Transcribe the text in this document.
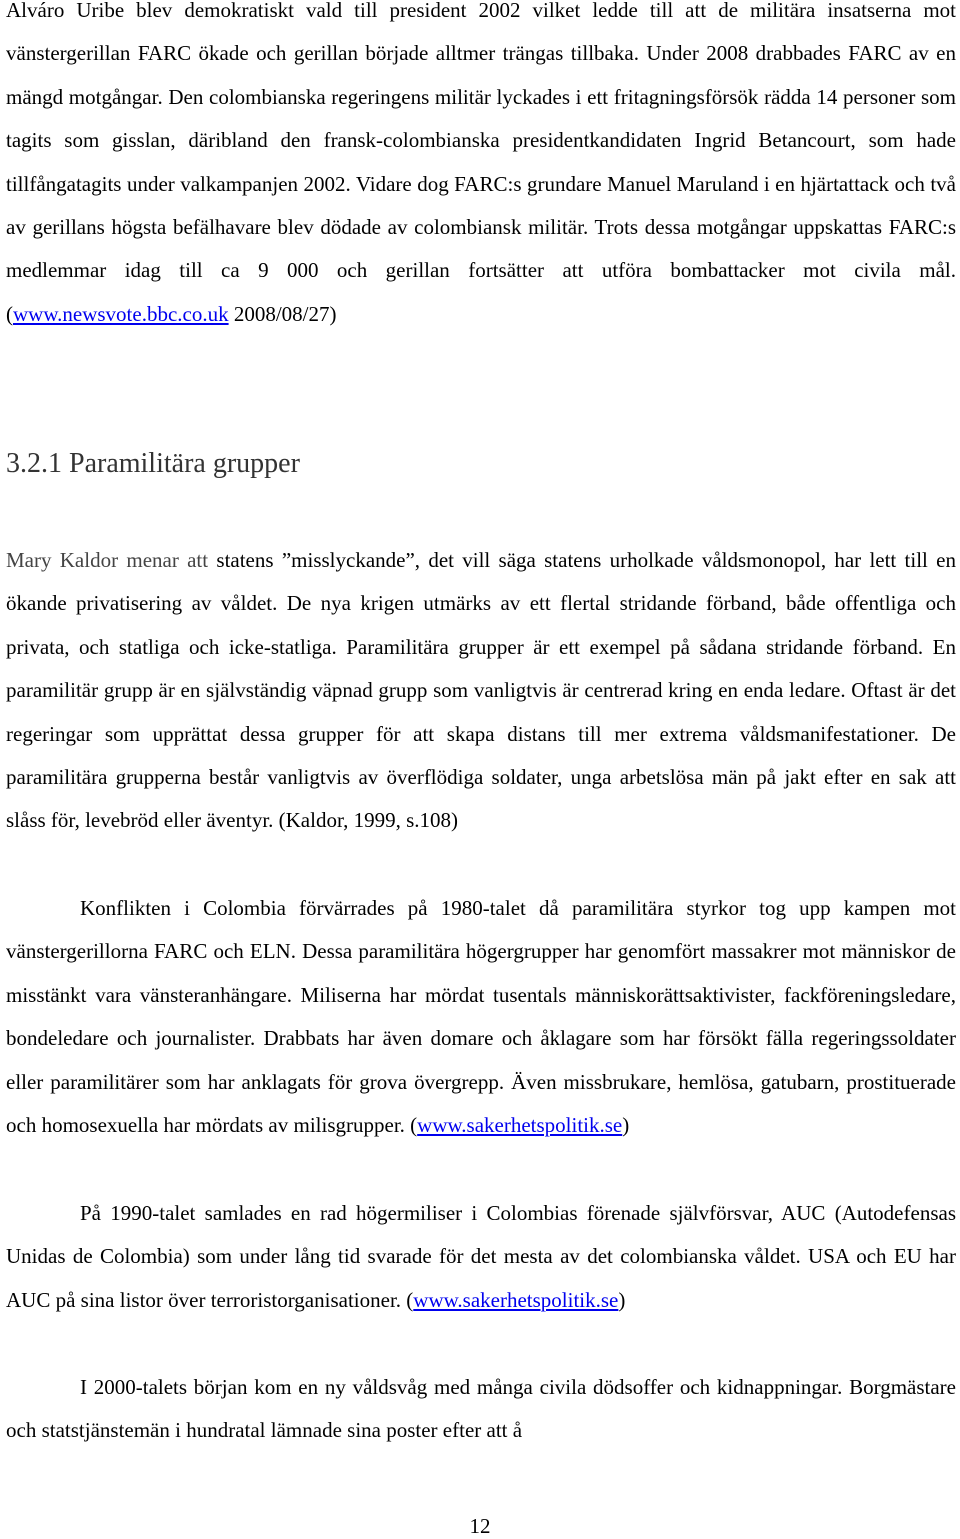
Alváro Uribe blev demokratiskt vald till president 2002 vilket ledde till att de militära insatserna mot vänstergerillan FARC ökade och gerillan började alltmer trängas tillbaka. Under 2008 drabbades FARC av en mängd motgångar. Den colombianska regeringens militär lyckades i ett fritagningsförsök rädda 14 personer som tagits som gisslan, däribland den fransk-colombianska presidentkandidaten Ingrid Betancourt, som hade tillfångatagits under valkampanjen 2002. Vidare dog FARC:s grundare Manuel Maruland i en hjärtattack och två av gerillans högsta befälhavare blev dödade av colombiansk militär. Trots dessa motgångar uppskattas FARC:s medlemmar idag till ca 9 000 och gerillan fortsätter att utföra bombattacker mot civila mål. (www.newsvote.bbc.co.uk 2008/08/27)

3.2.1 Paramilitära grupper

Mary Kaldor menar att statens ”misslyckande”, det vill säga statens urholkade våldsmonopol, har lett till en ökande privatisering av våldet. De nya krigen utmärks av ett flertal stridande förband, både offentliga och privata, och statliga och icke-statliga. Paramilitära grupper är ett exempel på sådana stridande förband. En paramilitär grupp är en självständig väpnad grupp som vanligtvis är centrerad kring en enda ledare. Oftast är det regeringar som upprättat dessa grupper för att skapa distans till mer extrema våldsmanifestationer. De paramilitära grupperna består vanligtvis av överflödiga soldater, unga arbetslösa män på jakt efter en sak att slåss för, levebröd eller äventyr. (Kaldor, 1999, s.108)

Konflikten i Colombia förvärrades på 1980-talet då paramilitära styrkor tog upp kampen mot vänstergerillorna FARC och ELN. Dessa paramilitära högergrupper har genomfört massakrer mot människor de misstänkt vara vänsteranhängare. Miliserna har mördat tusentals människorättsaktivister, fackföreningsledare, bondeledare och journalister. Drabbats har även domare och åklagare som har försökt fälla regeringssoldater eller paramilitärer som har anklagats för grova övergrepp. Även missbrukare, hemlösa, gatubarn, prostituerade och homosexuella har mördats av milisgrupper. (www.sakerhetspolitik.se)

På 1990-talet samlades en rad högermiliser i Colombias förenade självförsvar, AUC (Autodefensas Unidas de Colombia) som under lång tid svarade för det mesta av det colombianska våldet. USA och EU har AUC på sina listor över terroristorganisationer. (www.sakerhetspolitik.se)

I 2000-talets början kom en ny våldsvåg med många civila dödsoffer och kidnappningar. Borgmästare och statstjänstemän i hundratal lämnade sina poster efter att å

12
